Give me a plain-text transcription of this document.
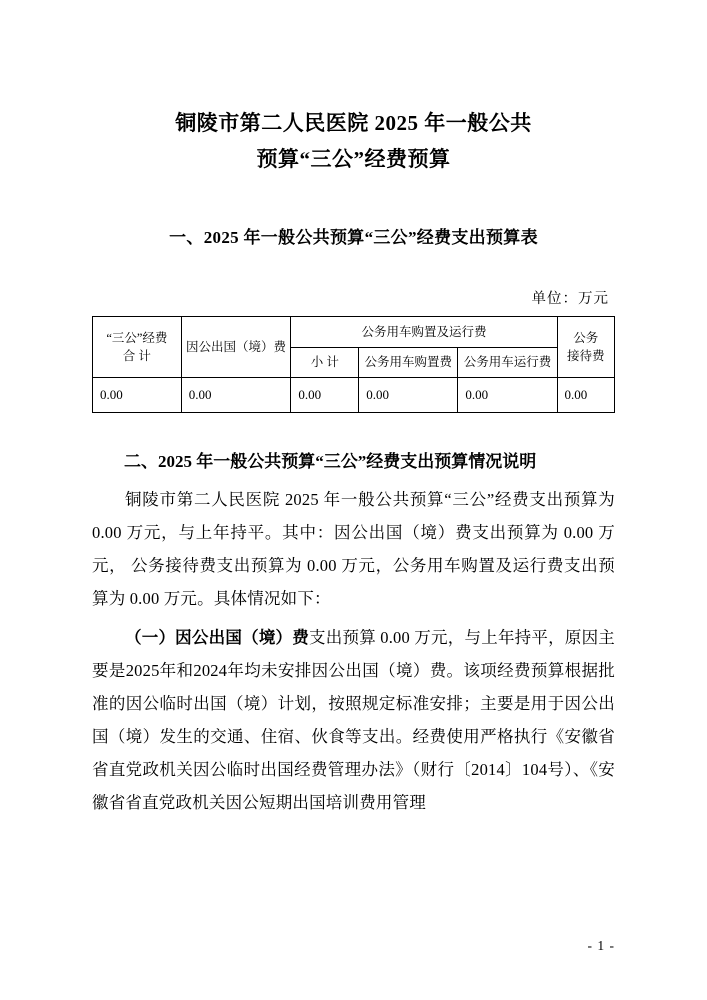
铜陵市第二人民医院 2025 年一般公共
预算“三公”经费预算
一、2025 年一般公共预算“三公”经费支出预算表
单位：万元
“三公”经费
合 计	因公出国（境）费	公务用车购置及运行费			公务
接待费

		小 计	公务用车购置费	公务用车运行费	
0.00	0.00	0.00	0.00	0.00	0.00
二、2025 年一般公共预算“三公”经费支出预算情况说明

铜陵市第二人民医院 2025 年一般公共预算“三公”经费支出预算为 0.00 万元，与上年持平。其中：因公出国（境）费支出预算为 0.00 万元， 公务接待费支出预算为 0.00 万元，公务用车购置及运行费支出预算为 0.00 万元。具体情况如下：

（一）因公出国（境）费支出预算 0.00 万元，与上年持平，原因主要是2025年和2024年均未安排因公出国（境）费。该项经费预算根据批准的因公临时出国（境）计划，按照规定标准安排；主要是用于因公出国（境）发生的交通、住宿、伙食等支出。经费使用严格执行《安徽省省直党政机关因公临时出国经费管理办法》（财行〔2014〕104号）、《安徽省省直党政机关因公短期出国培训费用管理

- 1 -
